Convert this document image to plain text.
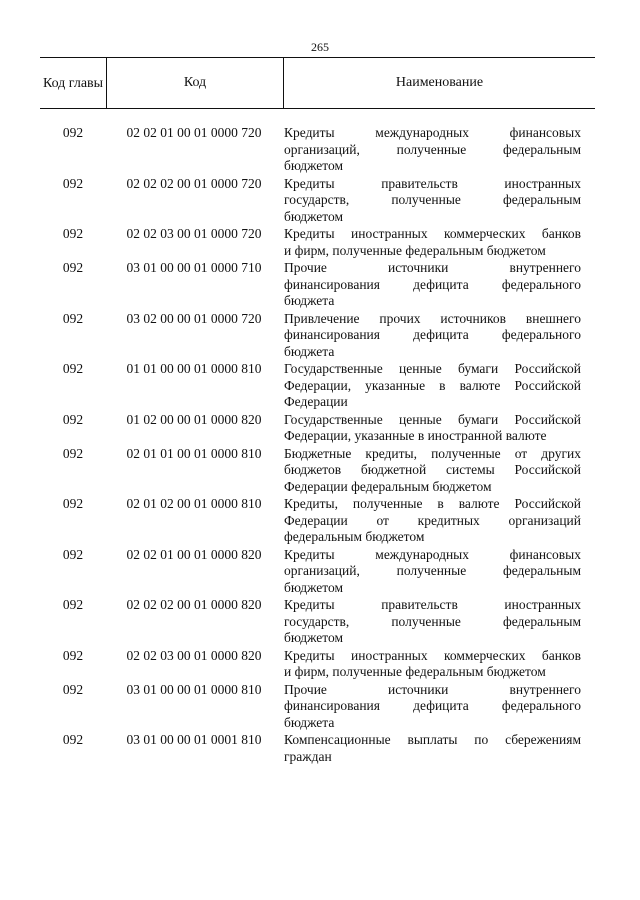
265
Код главы	Код	Наименование
092	02 02 01 00 01 0000 720	Кредиты международных финансовых
организаций, полученные федеральным
бюджетом
092	02 02 02 00 01 0000 720	Кредиты правительств иностранных
государств, полученные федеральным
бюджетом
092	02 02 03 00 01 0000 720	Кредиты иностранных коммерческих банков
и фирм, полученные федеральным бюджетом
092	03 01 00 00 01 0000 710	Прочие источники внутреннего
финансирования дефицита федерального
бюджета
092	03 02 00 00 01 0000 720	Привлечение прочих источников внешнего
финансирования дефицита федерального
бюджета
092	01 01 00 00 01 0000 810	Государственные ценные бумаги Российской
Федерации, указанные в валюте Российской
Федерации
092	01 02 00 00 01 0000 820	Государственные ценные бумаги Российской
Федерации, указанные в иностранной валюте
092	02 01 01 00 01 0000 810	Бюджетные кредиты, полученные от других
бюджетов бюджетной системы Российской
Федерации федеральным бюджетом
092	02 01 02 00 01 0000 810	Кредиты, полученные в валюте Российской
Федерации от кредитных организаций
федеральным бюджетом
092	02 02 01 00 01 0000 820	Кредиты международных финансовых
организаций, полученные федеральным
бюджетом
092	02 02 02 00 01 0000 820	Кредиты правительств иностранных
государств, полученные федеральным
бюджетом
092	02 02 03 00 01 0000 820	Кредиты иностранных коммерческих банков
и фирм, полученные федеральным бюджетом
092	03 01 00 00 01 0000 810	Прочие источники внутреннего
финансирования дефицита федерального
бюджета
092	03 01 00 00 01 0001 810	Компенсационные выплаты по сбережениям
граждан
